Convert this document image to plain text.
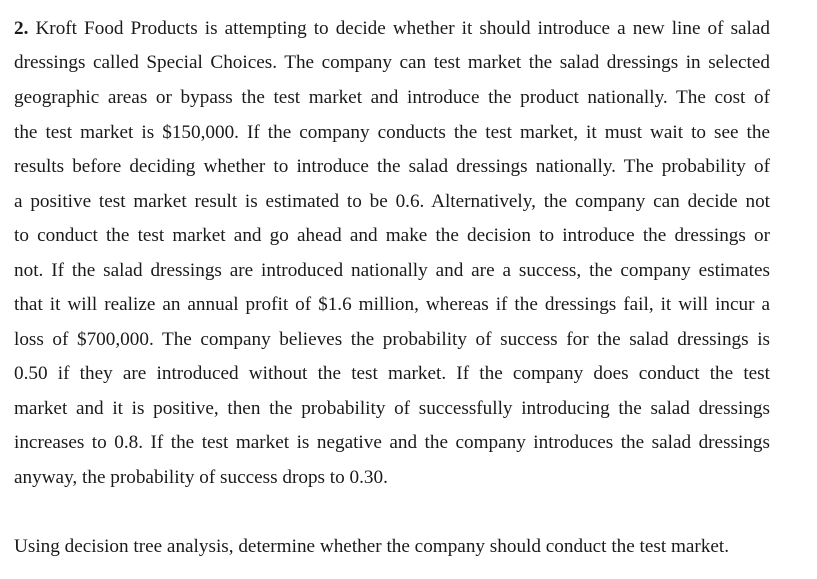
2. Kroft Food Products is attempting to decide whether it should introduce a new line of salad
dressings called Special Choices. The company can test market the salad dressings in selected
geographic areas or bypass the test market and introduce the product nationally. The cost of
the test market is $150,000. If the company conducts the test market, it must wait to see the
results before deciding whether to introduce the salad dressings nationally. The probability of
a positive test market result is estimated to be 0.6. Alternatively, the company can decide not
to conduct the test market and go ahead and make the decision to introduce the dressings or
not. If the salad dressings are introduced nationally and are a success, the company estimates
that it will realize an annual profit of $1.6 million, whereas if the dressings fail, it will incur a
loss of $700,000. The company believes the probability of success for the salad dressings is
0.50 if they are introduced without the test market. If the company does conduct the test
market and it is positive, then the probability of successfully introducing the salad dressings
increases to 0.8. If the test market is negative and the company introduces the salad dressings
anyway, the probability of success drops to 0.30.
Using decision tree analysis, determine whether the company should conduct the test market.
